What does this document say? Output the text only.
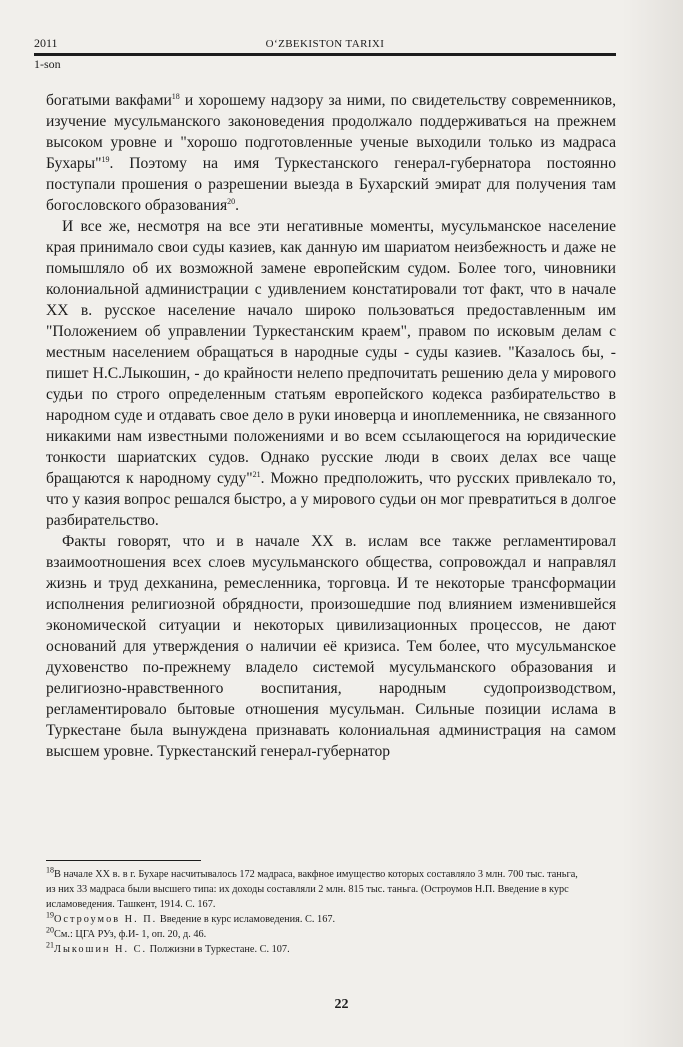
2011	O‘ZBEKISTON TARIXI
1-son

богатыми вакфами$^{18}$ и хорошему надзору за ними, по свидетельству современников, изучение мусульманского законоведения продолжало поддерживаться на прежнем высоком уровне и "хорошо подготовленные ученые выходили только из мадраса Бухары"$^{19}$. Поэтому на имя Туркестанского генерал-губернатора постоянно поступали прошения о разрешении выезда в Бухарский эмират для получения там богословского образования$^{20}$.

И все же, несмотря на все эти негативные моменты, мусульманское население края принимало свои суды казиев, как данную им шариатом неизбежность и даже не помышляло об их возможной замене европейским судом. Более того, чиновники колониальной администрации с удивлением констатировали тот факт, что в начале XX в. русское население начало широко пользоваться предоставленным им "Положением об управлении Туркестанским краем", правом по исковым делам с местным населением обращаться в народные суды - суды казиев. "Казалось бы, - пишет Н.С.Лыкошин, - до крайности нелепо предпочитать решению дела у мирового судьи по строго определенным статьям европейского кодекса разбирательство в народном суде и отдавать свое дело в руки иноверца и иноплеменника, не связанного никакими нам известными положениями и во всем ссылающегося на юридические тонкости шариатских судов. Однако русские люди в своих делах все чаще бращаются к народному суду"$^{21}$. Можно предположить, что русских привлекало то, что у казия вопрос решался быстро, а у мирового судьи он мог превратиться в долгое разбирательство.

Факты говорят, что и в начале XX в. ислам все также регламентировал взаимоотношения всех слоев мусульманского общества, сопровождал и направлял жизнь и труд дехканина, ремесленника, торговца. И те некоторые трансформации исполнения религиозной обрядности, произошедшие под влиянием изменившейся экономической ситуации и некоторых цивилизационных процессов, не дают оснований для утверждения о наличии её кризиса. Тем более, что мусульманское духовенство по-прежнему владело системой мусульманского образования и религиозно-нравственного воспитания, народным судопроизводством, регламентировало бытовые отношения мусульман. Сильные позиции ислама в Туркестане была вынуждена признавать колониальная администрация на самом высшем уровне. Туркестанский генерал-губернатор

$^{18}$В начале XX в. в г. Бухаре насчитывалось 172 мадраса, вакфное имущество которых составляло 3 млн. 700 тыс. таньга, из них 33 мадраса были высшего типа: их доходы составляли 2 млн. 815 тыс. таньга. (Остроумов Н.П. Введение в курс исламоведения. Ташкент, 1914. С. 167.

$^{19}$Остроумов Н. П. Введение в курс исламоведения. С. 167.

$^{20}$См.: ЦГА РУз, ф.И- 1, оп. 20, д. 46.

$^{21}$Лыкошин Н. С. Полжизни в Туркестане. С. 107.

22
